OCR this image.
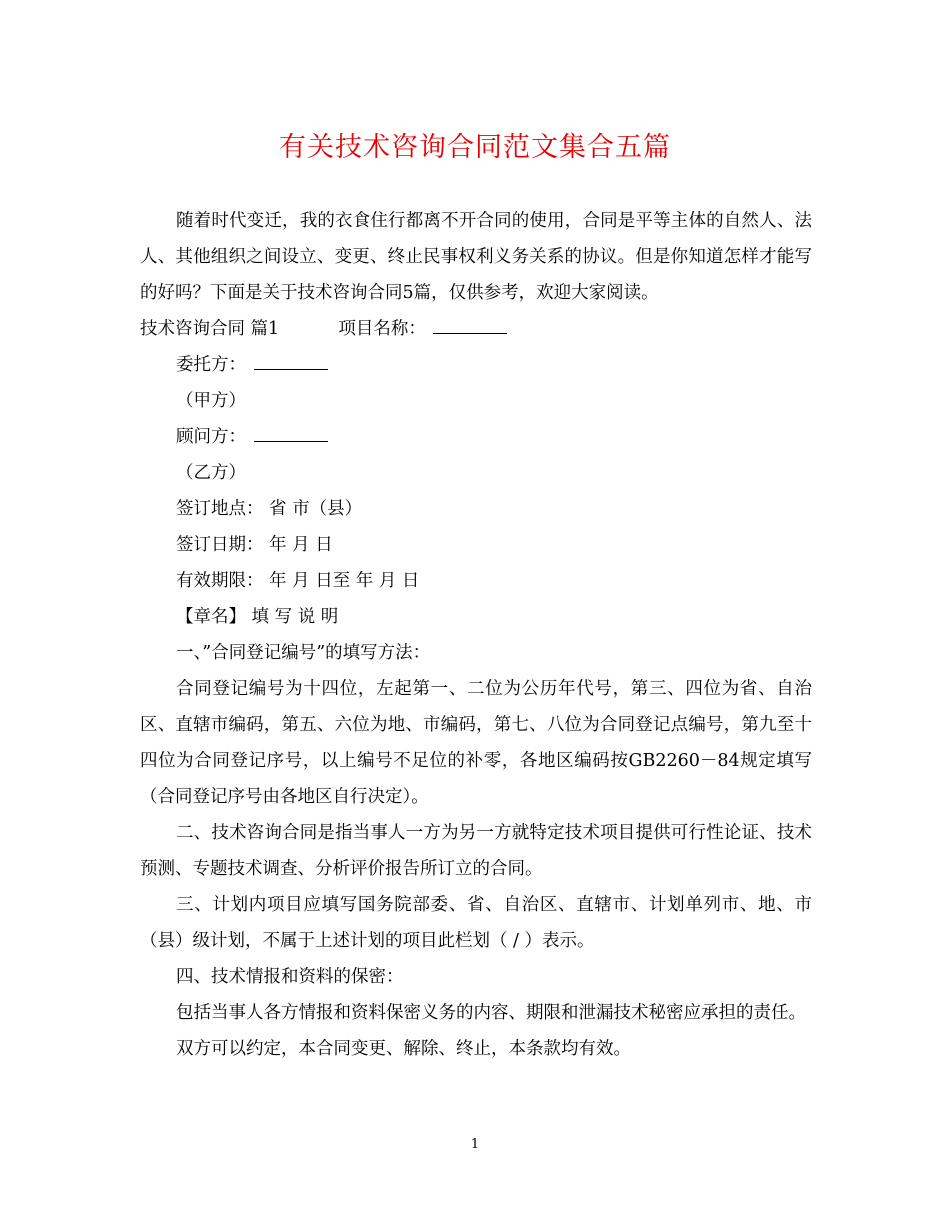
有关技术咨询合同范文集合五篇

随着时代变迁，我的衣食住行都离不开合同的使用，合同是平等主体的自然人、法人、其他组织之间设立、变更、终止民事权利义务关系的协议。但是你知道怎样才能写的好吗？下面是关于技术咨询合同5篇，仅供参考，欢迎大家阅读。

技术咨询合同 篇1	项目名称：

委托方：

（甲方）

顾问方：

（乙方）

签订地点： 省 市（县）

签订日期： 年 月 日

有效期限： 年 月 日至 年 月 日

【章名】 填 写 说 明

一、”合同登记编号”的填写方法：

合同登记编号为十四位，左起第一、二位为公历年代号，第三、四位为省、自治区、直辖市编码，第五、六位为地、市编码，第七、八位为合同登记点编号，第九至十四位为合同登记序号，以上编号不足位的补零，各地区编码按GB2260－84规定填写（合同登记序号由各地区自行决定）。

二、技术咨询合同是指当事人一方为另一方就特定技术项目提供可行性论证、技术预测、专题技术调查、分析评价报告所订立的合同。

三、计划内项目应填写国务院部委、省、自治区、直辖市、计划单列市、地、市（县）级计划，不属于上述计划的项目此栏划（ / ）表示。

四、技术情报和资料的保密：

包括当事人各方情报和资料保密义务的内容、期限和泄漏技术秘密应承担的责任。

双方可以约定，本合同变更、解除、终止，本条款均有效。

1
